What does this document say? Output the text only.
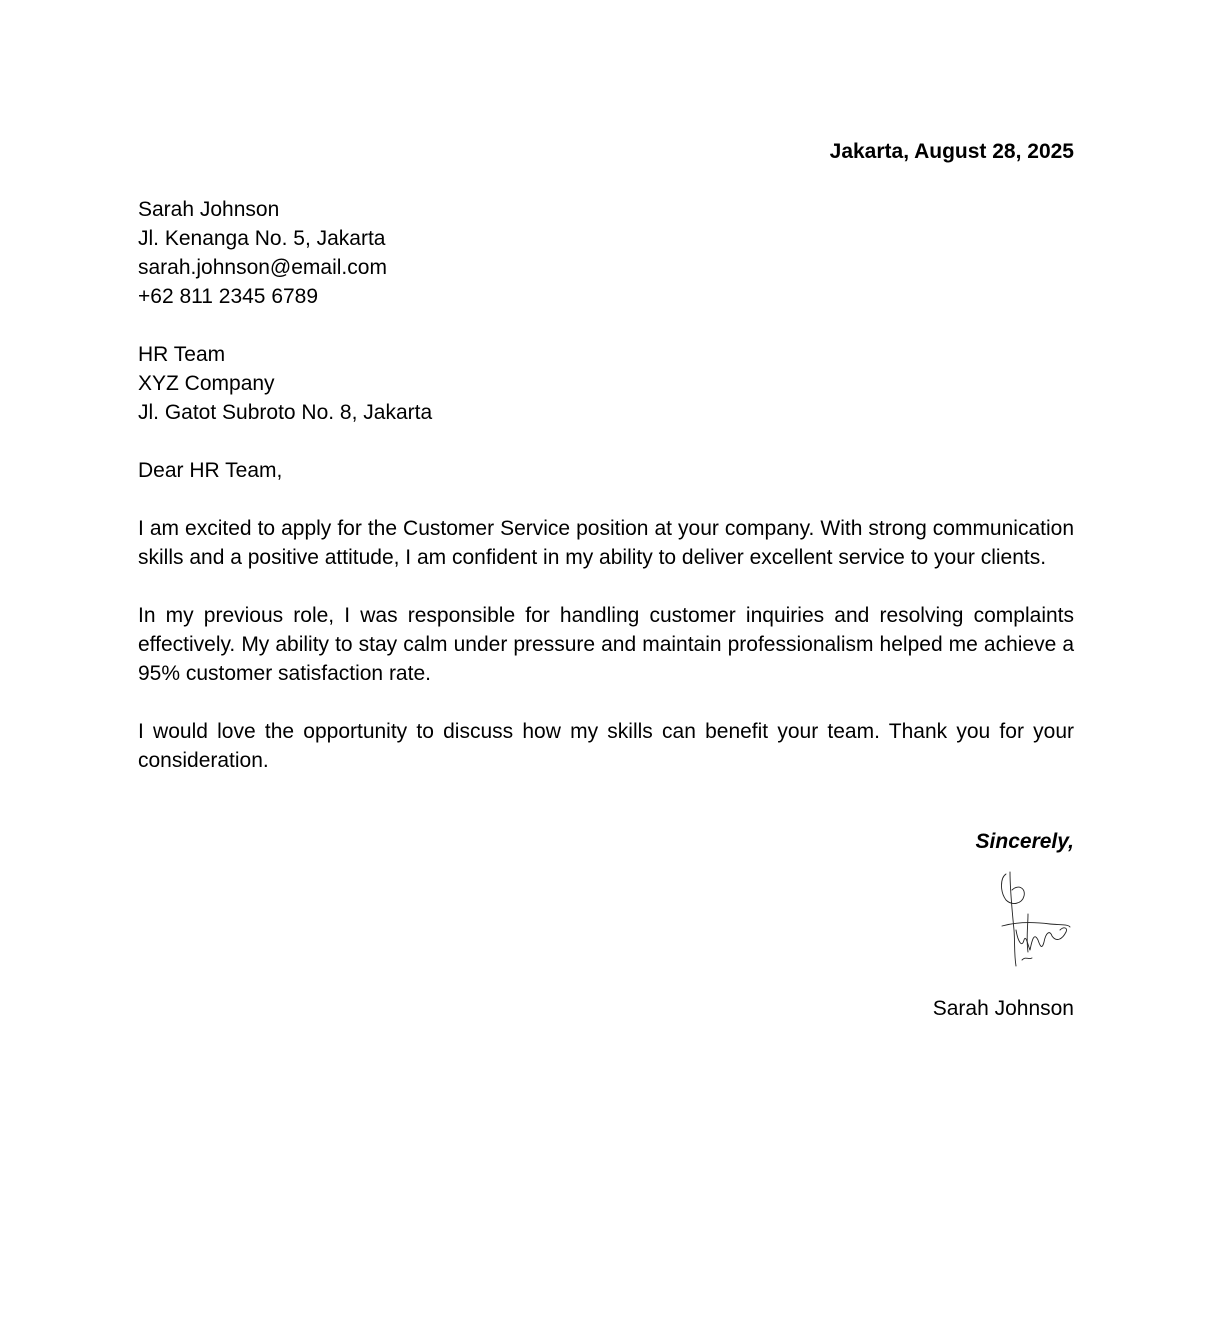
Jakarta, August 28, 2025
Sarah Johnson
Jl. Kenanga No. 5, Jakarta
sarah.johnson@email.com
+62 811 2345 6789
HR Team
XYZ Company
Jl. Gatot Subroto No. 8, Jakarta
Dear HR Team,

I am excited to apply for the Customer Service position at your company. With strong communication skills and a positive attitude, I am confident in my ability to deliver excellent service to your clients.

In my previous role, I was responsible for handling customer inquiries and resolving complaints effectively. My ability to stay calm under pressure and maintain professionalism helped me achieve a 95% customer satisfaction rate.

I would love the opportunity to discuss how my skills can benefit your team. Thank you for your consideration.

Sincerely,
Sarah Johnson
